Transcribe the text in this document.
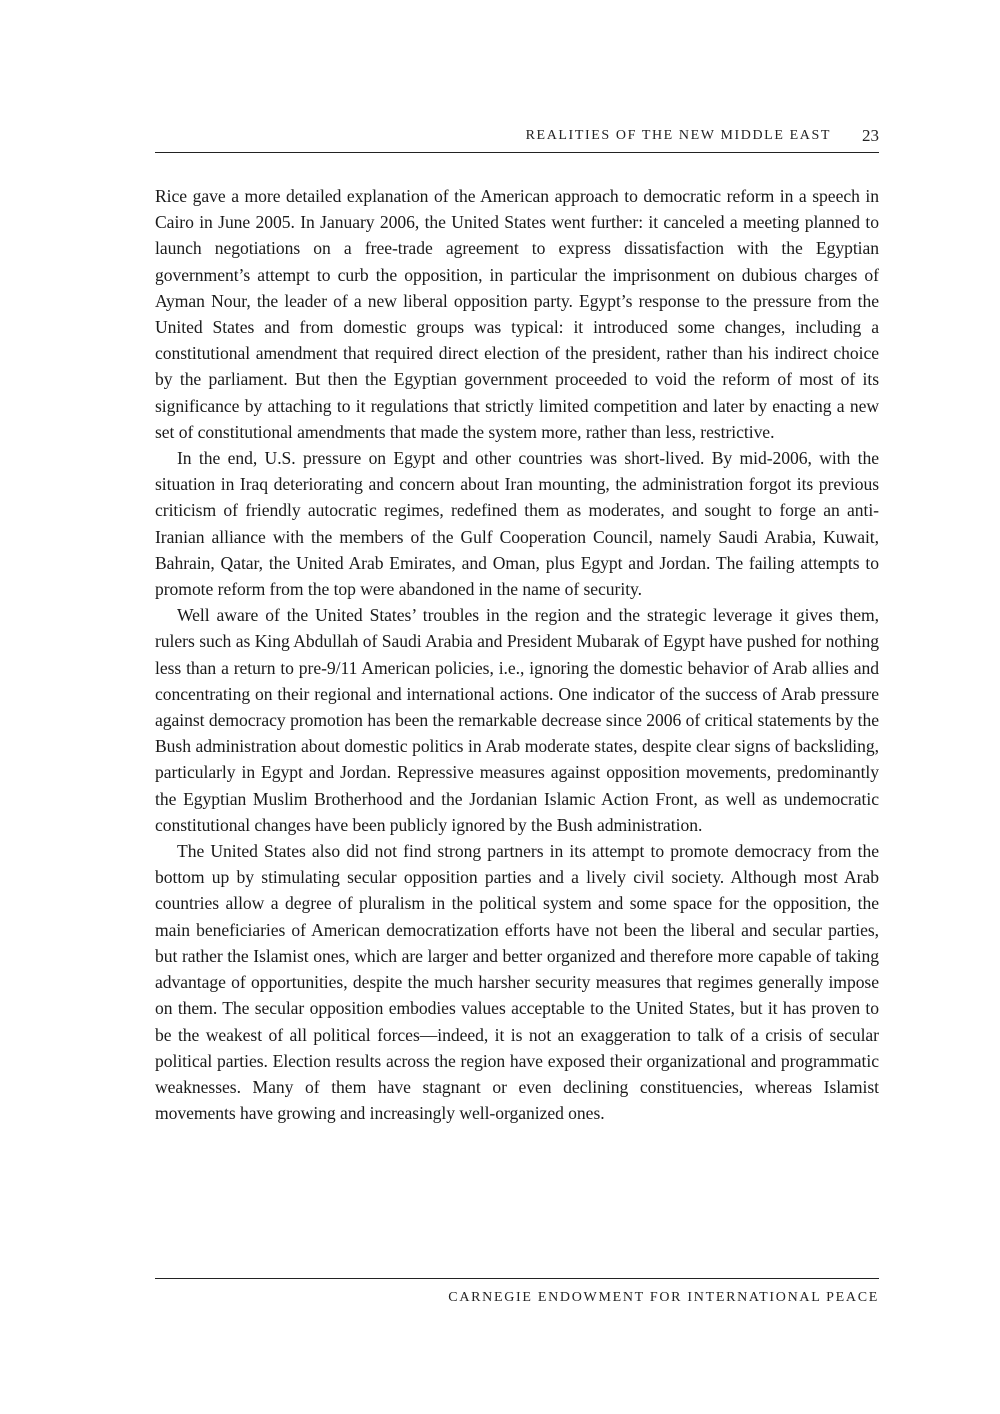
REALITIES OF THE NEW MIDDLE EAST 23

Rice gave a more detailed explanation of the American approach to democratic reform in a speech in Cairo in June 2005. In January 2006, the United States went further: it canceled a meeting planned to launch negotiations on a free-trade agreement to express dissatisfaction with the Egyptian government’s attempt to curb the opposition, in particular the imprisonment on dubious charges of Ayman Nour, the leader of a new liberal opposition party. Egypt’s response to the pressure from the United States and from domestic groups was typical: it introduced some changes, including a constitutional amendment that required direct election of the president, rather than his indirect choice by the parliament. But then the Egyptian government proceeded to void the reform of most of its significance by attaching to it regulations that strictly limited competition and later by enacting a new set of constitutional amendments that made the system more, rather than less, restrictive.

In the end, U.S. pressure on Egypt and other countries was short-lived. By mid-2006, with the situation in Iraq deteriorating and concern about Iran mounting, the administration forgot its previous criticism of friendly autocratic regimes, redefined them as moderates, and sought to forge an anti-Iranian alliance with the members of the Gulf Cooperation Council, namely Saudi Arabia, Kuwait, Bahrain, Qatar, the United Arab Emirates, and Oman, plus Egypt and Jordan. The failing attempts to promote reform from the top were abandoned in the name of security.

Well aware of the United States’ troubles in the region and the strategic leverage it gives them, rulers such as King Abdullah of Saudi Arabia and President Mubarak of Egypt have pushed for nothing less than a return to pre-9/11 American policies, i.e., ignoring the domestic behavior of Arab allies and concentrating on their regional and international actions. One indicator of the success of Arab pressure against democracy promotion has been the remarkable decrease since 2006 of critical statements by the Bush administration about domestic politics in Arab moderate states, despite clear signs of backsliding, particularly in Egypt and Jordan. Repressive measures against opposition movements, predominantly the Egyptian Muslim Brotherhood and the Jordanian Islamic Action Front, as well as undemocratic constitutional changes have been publicly ignored by the Bush administration.

The United States also did not find strong partners in its attempt to promote democracy from the bottom up by stimulating secular opposition parties and a lively civil society. Although most Arab countries allow a degree of pluralism in the political system and some space for the opposition, the main beneficiaries of American democratization efforts have not been the liberal and secular parties, but rather the Islamist ones, which are larger and better organized and therefore more capable of taking advantage of opportunities, despite the much harsher security measures that regimes generally impose on them. The secular opposition embodies values acceptable to the United States, but it has proven to be the weakest of all political forces—indeed, it is not an exaggeration to talk of a crisis of secular political parties. Election results across the region have exposed their organizational and programmatic weaknesses. Many of them have stagnant or even declining constituencies, whereas Islamist movements have growing and increasingly well-organized ones.

CARNEGIE ENDOWMENT FOR INTERNATIONAL PEACE
